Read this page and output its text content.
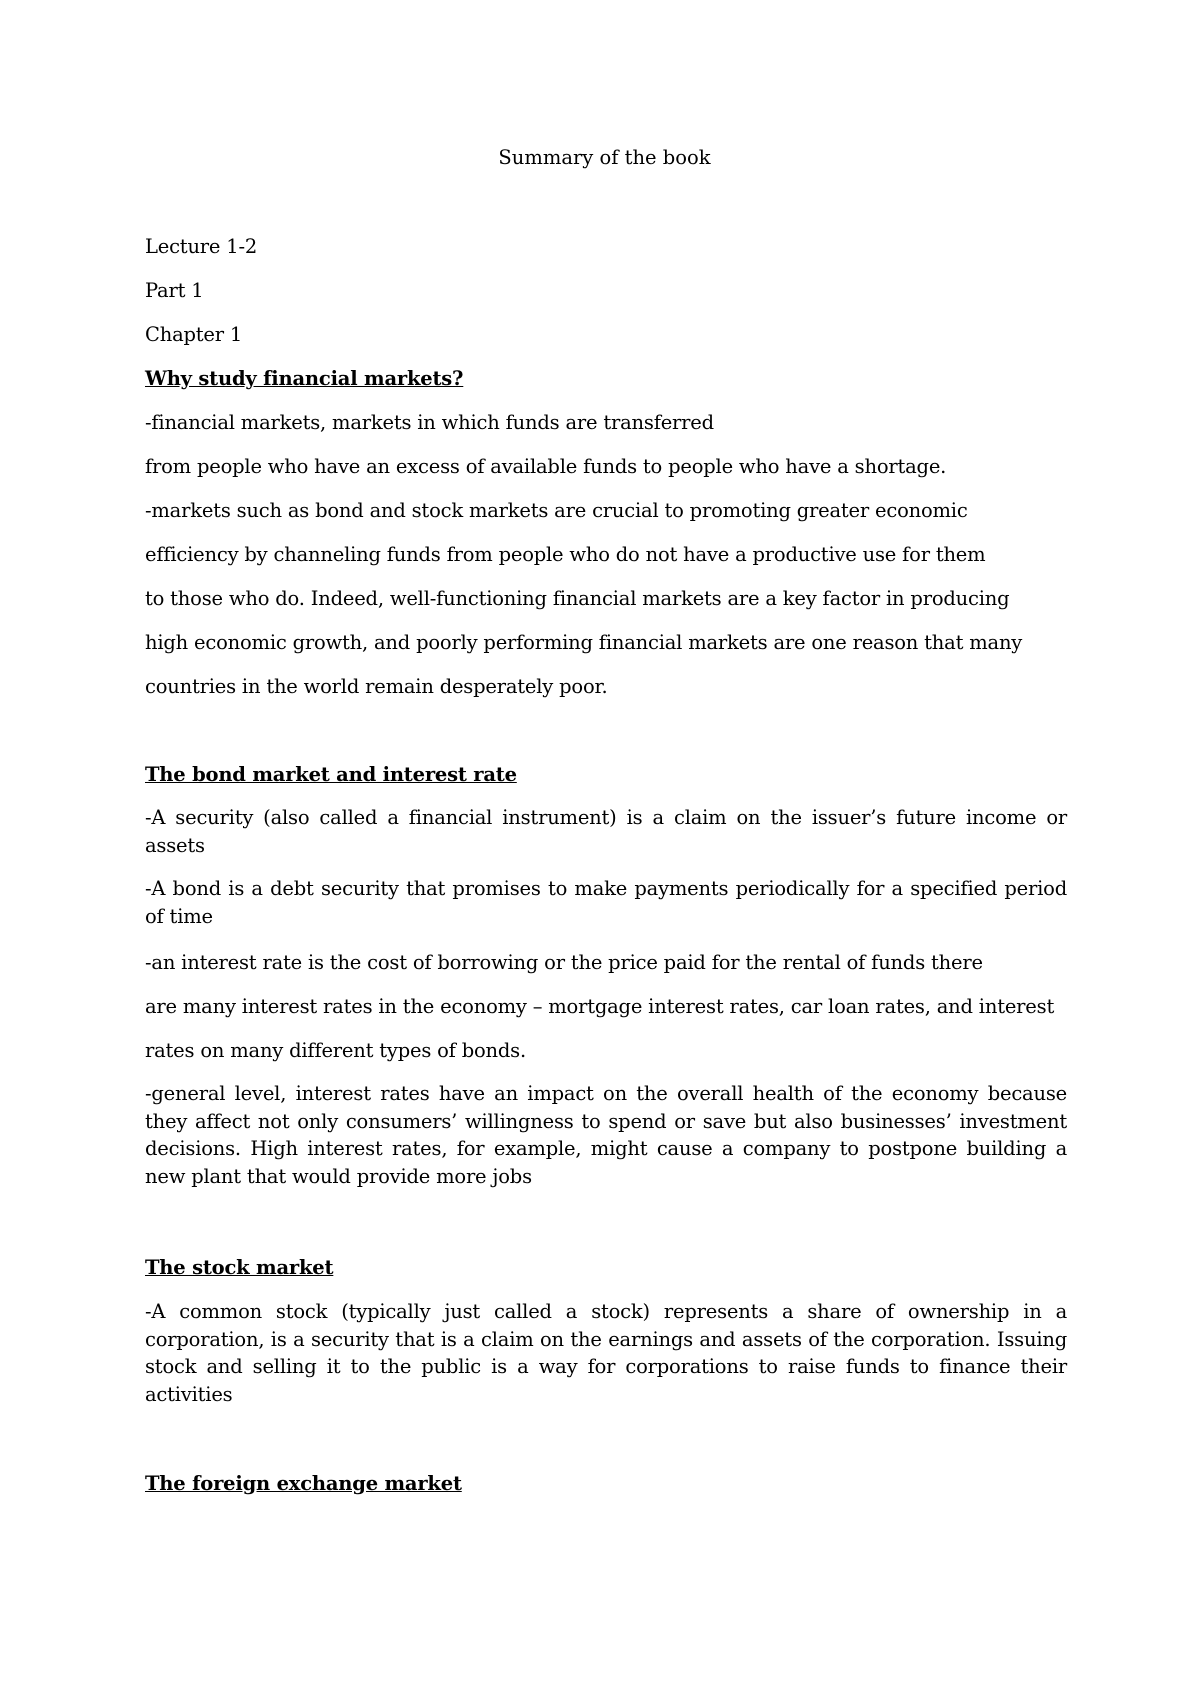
Summary of the book
Lecture 1-2
Part 1
Chapter 1
Why study financial markets?
-financial markets, markets in which funds are transferred
from people who have an excess of available funds to people who have a shortage.
-markets such as bond and stock markets are crucial to promoting greater economic
efficiency by channeling funds from people who do not have a productive use for them
to those who do. Indeed, well-functioning financial markets are a key factor in producing
high economic growth, and poorly performing financial markets are one reason that many
countries in the world remain desperately poor.
The bond market and interest rate
-A security (also called a financial instrument) is a claim on the issuer’s future income or assets
-A bond is a debt security that promises to make payments periodically for a specified period of time
-an interest rate is the cost of borrowing or the price paid for the rental of funds there
are many interest rates in the economy – mortgage interest rates, car loan rates, and interest
rates on many different types of bonds.
-general level, interest rates have an impact on the overall health of the economy because they affect not only consumers’ willingness to spend or save but also businesses’ investment decisions. High interest rates, for example, might cause a company to postpone building a new plant that would provide more jobs
The stock market
-A common stock (typically just called a stock) represents a share of ownership in a corporation, is a security that is a claim on the earnings and assets of the corporation. Issuing stock and selling it to the public is a way for corporations to raise funds to finance their activities
The foreign exchange market
